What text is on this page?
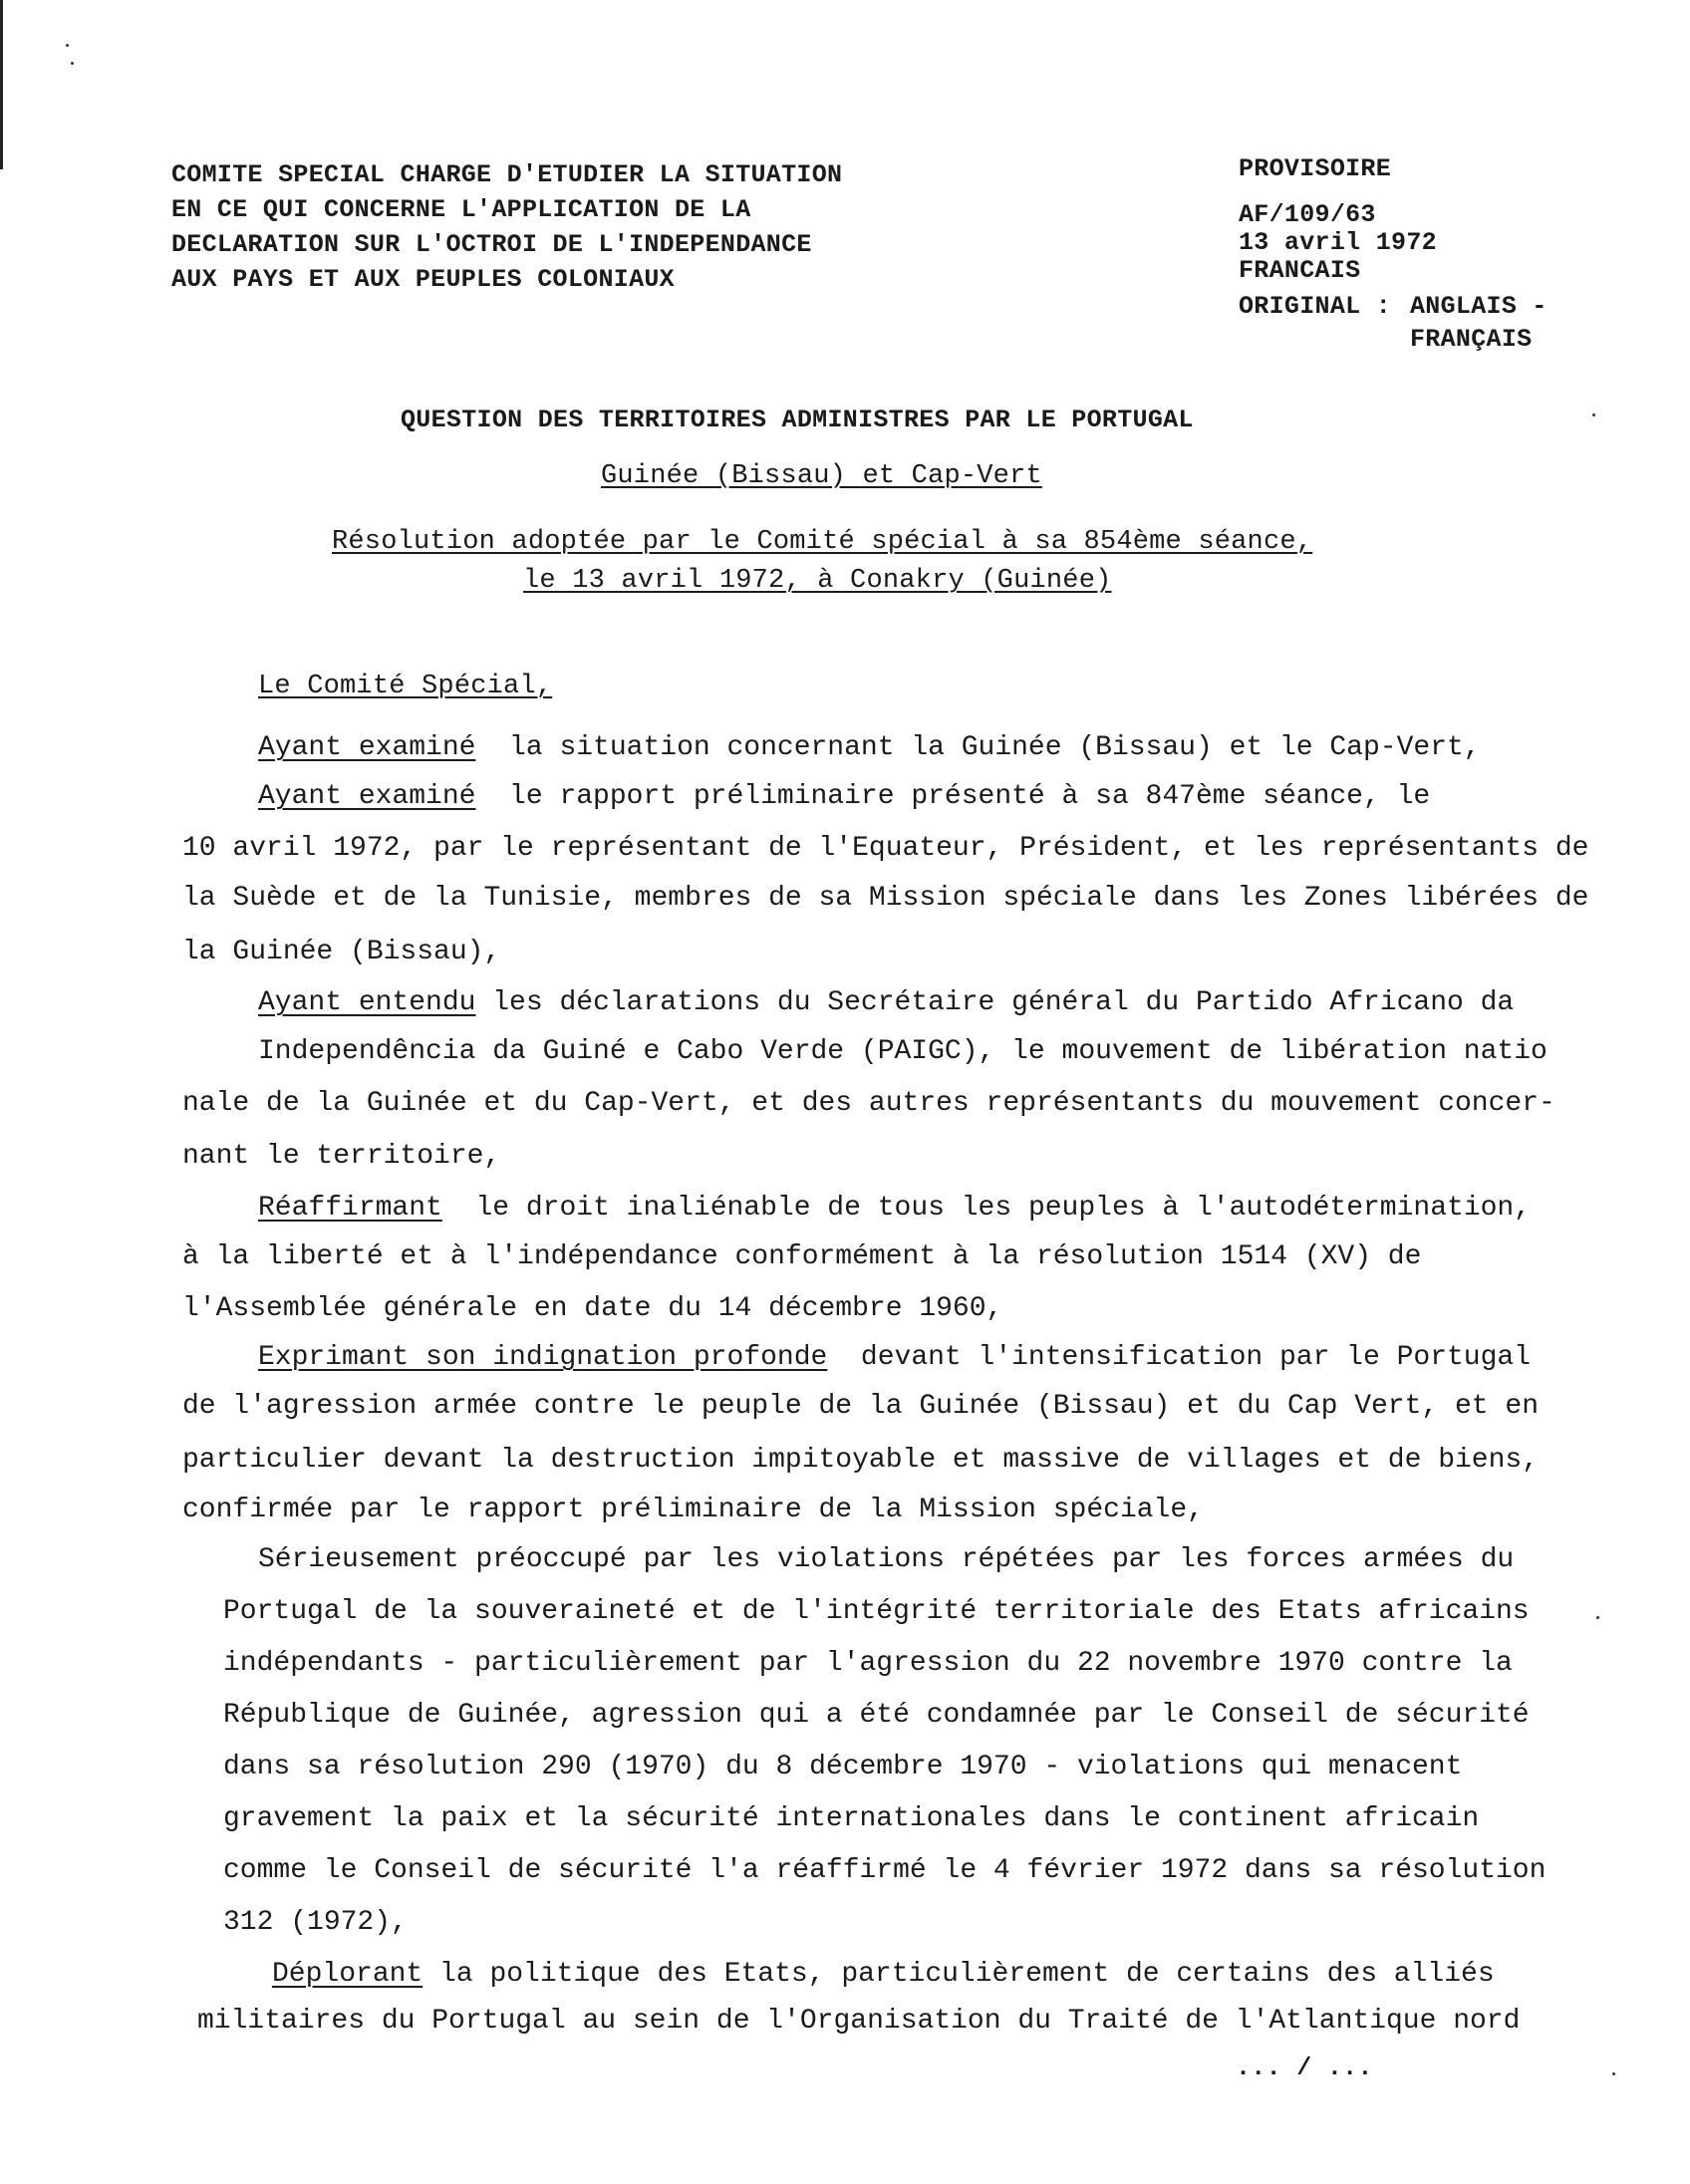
COMITE SPECIAL CHARGE D'ETUDIER LA SITUATION
EN CE QUI CONCERNE L'APPLICATION DE LA
DECLARATION SUR L'OCTROI DE L'INDEPENDANCE
AUX PAYS ET AUX PEUPLES COLONIAUX
PROVISOIRE
AF/109/63
13 avril 1972
FRANCAIS
ORIGINAL : ANGLAIS -
FRANÇAIS
QUESTION DES TERRITOIRES ADMINISTRES PAR LE PORTUGAL
Guinée (Bissau) et Cap-Vert
Résolution adoptée par le Comité spécial à sa 854ème séance,
le 13 avril 1972, à Conakry (Guinée)
Le Comité Spécial,
Ayant examiné la situation concernant la Guinée (Bissau) et le Cap-Vert,
Ayant examiné le rapport préliminaire présenté à sa 847ème séance, le
10 avril 1972, par le représentant de l'Equateur, Président, et les représentants de
la Suède et de la Tunisie, membres de sa Mission spéciale dans les Zones libérées de
la Guinée (Bissau),
Ayant entendu les déclarations du Secrétaire général du Partido Africano da
Independência da Guiné e Cabo Verde (PAIGC), le mouvement de libération natio
nale de la Guinée et du Cap-Vert, et des autres représentants du mouvement concer-
nant le territoire,
Réaffirmant le droit inaliénable de tous les peuples à l'autodétermination,
à la liberté et à l'indépendance conformément à la résolution 1514 (XV) de
l'Assemblée générale en date du 14 décembre 1960,
Exprimant son indignation profonde devant l'intensification par le Portugal
de l'agression armée contre le peuple de la Guinée (Bissau) et du Cap Vert, et en
particulier devant la destruction impitoyable et massive de villages et de biens,
confirmée par le rapport préliminaire de la Mission spéciale,
Sérieusement préoccupé par les violations répétées par les forces armées du
Portugal de la souveraineté et de l'intégrité territoriale des Etats africains
indépendants - particulièrement par l'agression du 22 novembre 1970 contre la
République de Guinée, agression qui a été condamnée par le Conseil de sécurité
dans sa résolution 290 (1970) du 8 décembre 1970 - violations qui menacent
gravement la paix et la sécurité internationales dans le continent africain
comme le Conseil de sécurité l'a réaffirmé le 4 février 1972 dans sa résolution
312 (1972),
Déplorant la politique des Etats, particulièrement de certains des alliés
militaires du Portugal au sein de l'Organisation du Traité de l'Atlantique nord
... / ...
